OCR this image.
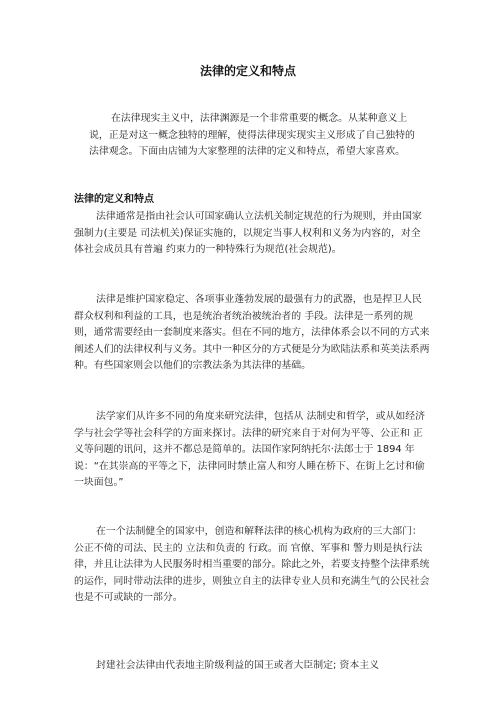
法律的定义和特点
在法律现实主义中，法律渊源是一个非常重要的概念。从某种意义上说，正是对这一概念独特的理解，使得法律现实现实主义形成了自己独特的法律观念。下面由店铺为大家整理的法律的定义和特点，希望大家喜欢。
法律的定义和特点
法律通常是指由社会认可国家确认立法机关制定规范的行为规则，并由国家强制力(主要是 司法机关)保证实施的，以规定当事人权利和义务为内容的，对全体社会成员具有普遍 约束力的一种特殊行为规范(社会规范)。
法律是维护国家稳定、各项事业蓬勃发展的最强有力的武器，也是捍卫人民群众权利和利益的工具，也是统治者统治被统治者的 手段。法律是一系列的规则，通常需要经由一套制度来落实。但在不同的地方，法律体系会以不同的方式来阐述人们的法律权利与义务。其中一种区分的方式便是分为欧陆法系和英美法系两种。有些国家则会以他们的宗教法条为其法律的基础。
法学家们从许多不同的角度来研究法律，包括从 法制史和哲学，或从如经济学与社会学等社会科学的方面来探讨。法律的研究来自于对何为平等、公正和 正义等问题的讯问，这并不都总是简单的。法国作家阿纳托尔·法郎士于 1894 年说：“在其崇高的平等之下，法律同时禁止富人和穷人睡在桥下、在街上乞讨和偷一块面包。”
在一个法制健全的国家中，创造和解释法律的核心机构为政府的三大部门：公正不倚的司法、民主的 立法和负责的 行政。而 官僚、军事和 警力则是执行法律，并且让法律为人民服务时相当重要的部分。除此之外，若要支持整个法律系统的运作，同时带动法律的进步，则独立自主的法律专业人员和充满生气的公民社会也是不可或缺的一部分。
封建社会法律由代表地主阶级利益的国王或者大臣制定; 资本主义
